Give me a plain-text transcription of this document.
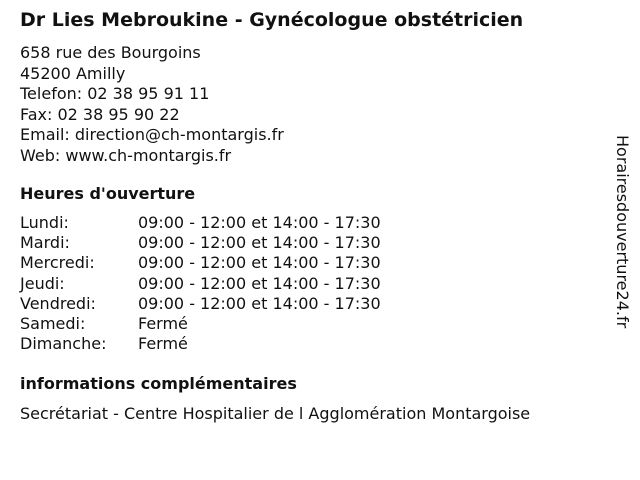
Dr Lies Mebroukine - Gynécologue obstétricien
658 rue des Bourgoins
45200 Amilly
Telefon: 02 38 95 91 11
Fax: 02 38 95 90 22
Email: direction@ch-montargis.fr
Web: www.ch-montargis.fr
Heures d'ouverture
Lundi:	09:00 - 12:00 et 14:00 - 17:30
Mardi:	09:00 - 12:00 et 14:00 - 17:30
Mercredi:	09:00 - 12:00 et 14:00 - 17:30
Jeudi:	09:00 - 12:00 et 14:00 - 17:30
Vendredi:	09:00 - 12:00 et 14:00 - 17:30
Samedi:	Fermé
Dimanche:	Fermé
informations complémentaires
Secrétariat - Centre Hospitalier de l Agglomération Montargoise
Horairesdouverture24.fr
